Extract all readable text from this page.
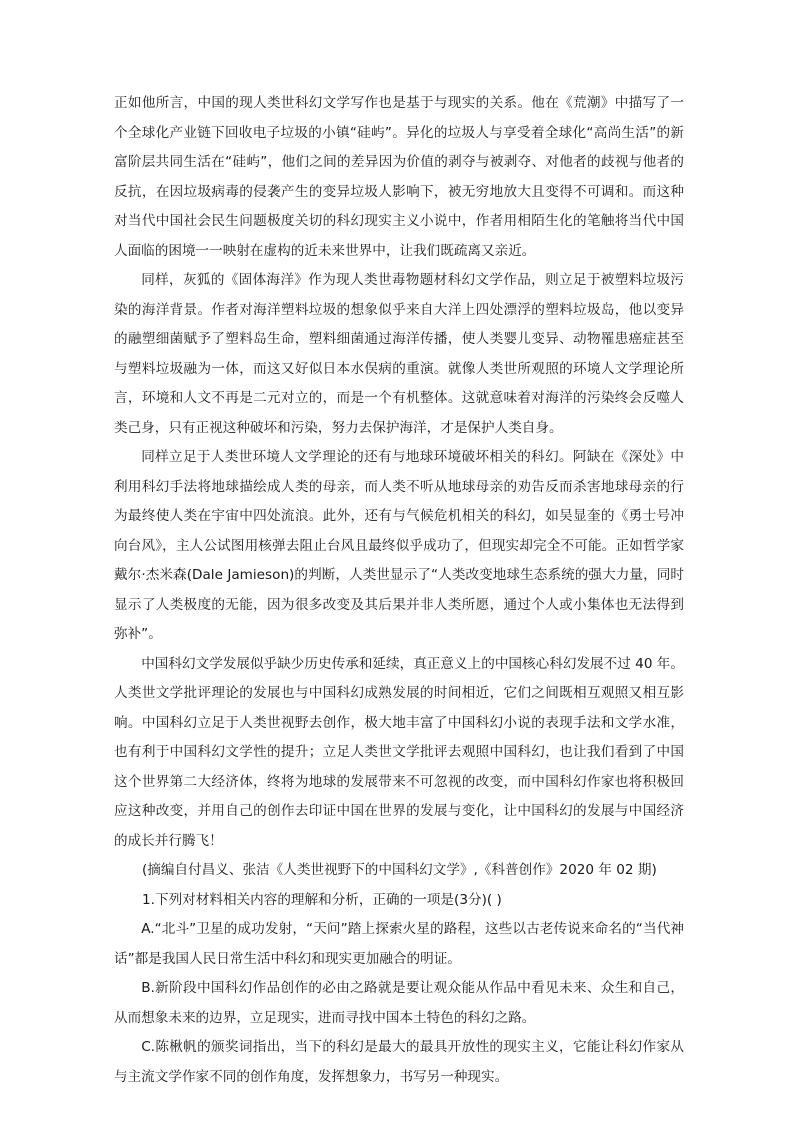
正如他所言，中国的现人类世科幻文学写作也是基于与现实的关系。他在《荒潮》中描写了一个全球化产业链下回收电子垃圾的小镇“硅屿”。异化的垃圾人与享受着全球化“高尚生活”的新富阶层共同生活在“硅屿”，他们之间的差异因为价值的剥夺与被剥夺、对他者的歧视与他者的反抗，在因垃圾病毒的侵袭产生的变异垃圾人影响下，被无穷地放大且变得不可调和。而这种对当代中国社会民生问题极度关切的科幻现实主义小说中，作者用相陌生化的笔触将当代中国人面临的困境一一映射在虚构的近未来世界中，让我们既疏离又亲近。

同样，灰狐的《固体海洋》作为现人类世毒物题材科幻文学作品，则立足于被塑料垃圾污染的海洋背景。作者对海洋塑料垃圾的想象似乎来自大洋上四处漂浮的塑料垃圾岛，他以变异的融塑细菌赋予了塑料岛生命，塑料细菌通过海洋传播，使人类婴儿变异、动物罹患癌症甚至与塑料垃圾融为一体，而这又好似日本水俣病的重演。就像人类世所观照的环境人文学理论所言，环境和人文不再是二元对立的，而是一个有机整体。这就意味着对海洋的污染终会反噬人类己身，只有正视这种破坏和污染，努力去保护海洋，才是保护人类自身。

同样立足于人类世环境人文学理论的还有与地球环境破坏相关的科幻。阿缺在《深处》中利用科幻手法将地球描绘成人类的母亲，而人类不听从地球母亲的劝告反而杀害地球母亲的行为最终使人类在宇宙中四处流浪。此外，还有与气候危机相关的科幻，如吴显奎的《勇士号冲向台风》，主人公试图用核弹去阻止台风且最终似乎成功了，但现实却完全不可能。正如哲学家戴尔·杰米森(Dale Jamieson)的判断，人类世显示了“人类改变地球生态系统的强大力量，同时显示了人类极度的无能，因为很多改变及其后果并非人类所愿，通过个人或小集体也无法得到弥补”。

中国科幻文学发展似乎缺少历史传承和延续，真正意义上的中国核心科幻发展不过 40 年。人类世文学批评理论的发展也与中国科幻成熟发展的时间相近，它们之间既相互观照又相互影响。中国科幻立足于人类世视野去创作，极大地丰富了中国科幻小说的表现手法和文学水准，也有利于中国科幻文学性的提升；立足人类世文学批评去观照中国科幻，也让我们看到了中国这个世界第二大经济体，终将为地球的发展带来不可忽视的改变，而中国科幻作家也将积极回应这种改变，并用自己的创作去印证中国在世界的发展与变化，让中国科幻的发展与中国经济的成长并行腾飞！

(摘编自付昌义、张洁《人类世视野下的中国科幻文学》,《科普创作》2020 年 02 期)

1.下列对材料相关内容的理解和分析，正确的一项是(3分)( )

A.“北斗”卫星的成功发射，“天问”踏上探索火星的路程，这些以古老传说来命名的“当代神话”都是我国人民日常生活中科幻和现实更加融合的明证。

B.新阶段中国科幻作品创作的必由之路就是要让观众能从作品中看见未来、众生和自己，从而想象未来的边界，立足现实，进而寻找中国本土特色的科幻之路。

C.陈楸帆的颁奖词指出，当下的科幻是最大的最具开放性的现实主义，它能让科幻作家从与主流文学作家不同的创作角度，发挥想象力，书写另一种现实。
